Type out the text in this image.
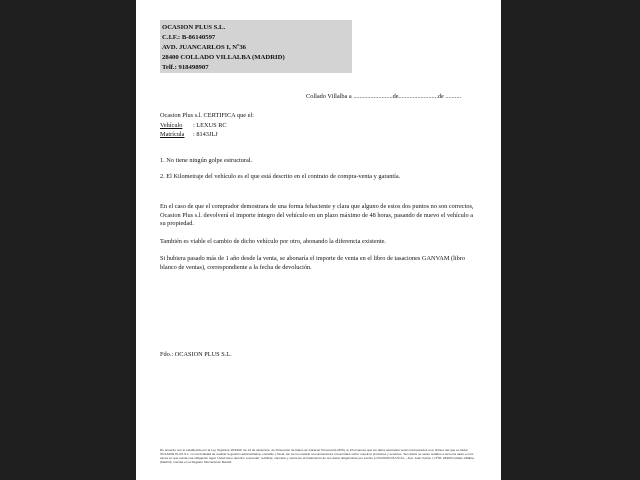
OCASION PLUS S.L.
C.I.F.: B-86140597
AVD. JUANCARLOS I, Nº36
28400 COLLADO VILLALBA (MADRID)
Telf.: 918498907
Collado Villalba a .........................de.........................de ..........
Ocasion Plus s.l. CERTIFICA que el:
Vehículo	: LEXUS RC
Matrícula	: 8143JLJ
1. No tiene ningún golpe estructural.
2. El Kilometraje del vehículo es el que está descrito en el contrato de compra-venta y garantía.
En el caso de que el comprador demostrara de una forma fehaciente y clara que alguno de estos dos puntos no son correctos, Ocasion Plus s.l. devolverá el importe íntegro del vehículo en un plazo máximo de 48 horas, pasando de nuevo el vehículo a su propiedad.
También es viable el cambio de dicho vehículo por otro, abonando la diferencia existente.
Si hubiera pasado más de 1 año desde la venta, se abonaría el importe de venta en el libro de tasaciones GANVAM (libro blanco de ventas), correspondiente a la fecha de devolución.
Fdo.: OCASION PLUS S.L.
De acuerdo con lo establecido por la Ley Orgánica 15/1999, de 13 de diciembre, de Protección de Datos de Carácter Personal (LOPD), le informamos que los datos aportados serán incorporados a un fichero del que es titular OCASION PLUS S.L. con la finalidad de realizar la gestión administrativa, contable y fiscal, así como enviarle comunicaciones comerciales sobre nuestros productos y servicios. Sus datos no serán cedidos a terceros salvo en los casos en que exista una obligación legal. Usted tiene derecho a acceder, rectificar, cancelar y oponerse al tratamiento de sus datos dirigiéndose por escrito a OCASION PLUS S.L., Avd. Juan Carlos I, Nº36, 28400 Collado Villalba (Madrid). Inscrita en el Registro Mercantil de Madrid.
